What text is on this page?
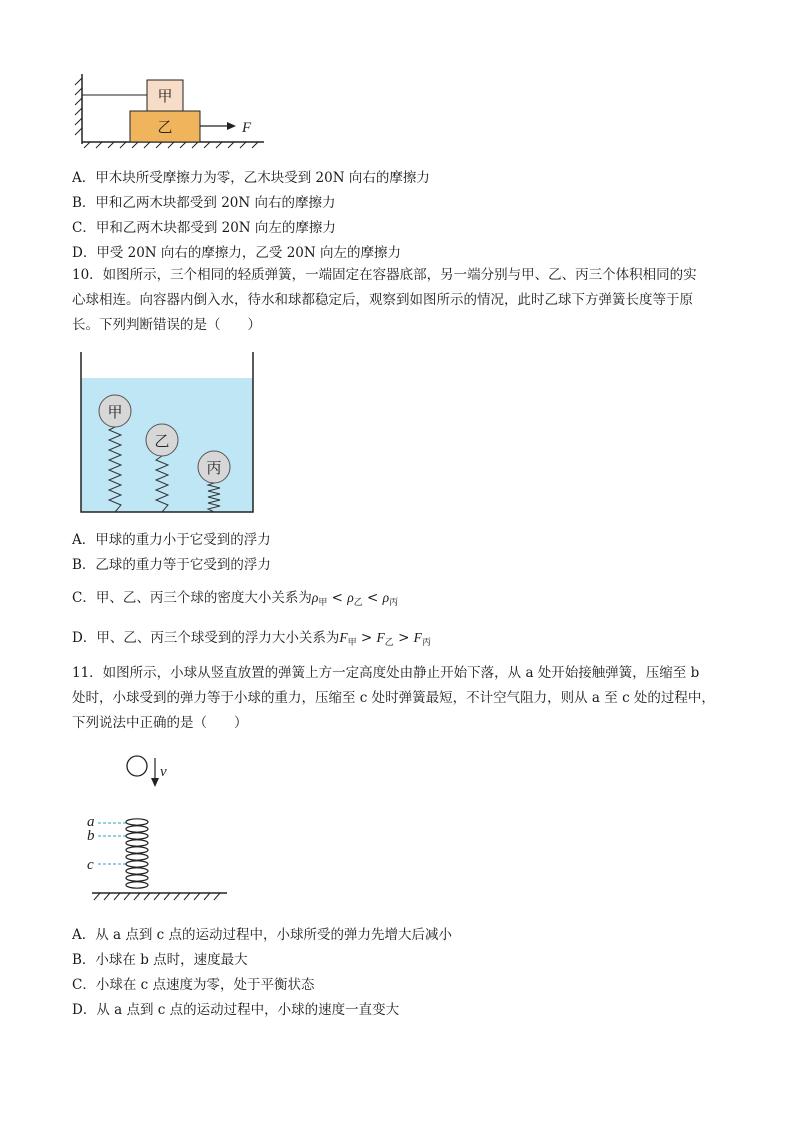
甲
乙	F
A．甲木块所受摩擦力为零，乙木块受到 20N 向右的摩擦力
B．甲和乙两木块都受到 20N 向右的摩擦力
C．甲和乙两木块都受到 20N 向左的摩擦力
D．甲受 20N 向右的摩擦力，乙受 20N 向左的摩擦力
10．如图所示，三个相同的轻质弹簧，一端固定在容器底部，另一端分别与甲、乙、丙三个体积相同的实
心球相连。向容器内倒入水，待水和球都稳定后，观察到如图所示的情况，此时乙球下方弹簧长度等于原
长。下列判断错误的是（　　）
甲
乙
丙
A．甲球的重力小于它受到的浮力
B．乙球的重力等于它受到的浮力
C．甲、乙、丙三个球的密度大小关系为$\rho_甲 < \rho_乙 < \rho_丙$
D．甲、乙、丙三个球受到的浮力大小关系为$F_甲 > F_乙 > F_丙$
11．如图所示，小球从竖直放置的弹簧上方一定高度处由静止开始下落，从 a 处开始接触弹簧，压缩至 b
处时，小球受到的弹力等于小球的重力，压缩至 c 处时弹簧最短，不计空气阻力，则从 a 至 c 处的过程中，
下列说法中正确的是（　　）
v
a
b
c
A．从 a 点到 c 点的运动过程中，小球所受的弹力先增大后减小
B．小球在 b 点时，速度最大
C．小球在 c 点速度为零，处于平衡状态
D．从 a 点到 c 点的运动过程中，小球的速度一直变大
